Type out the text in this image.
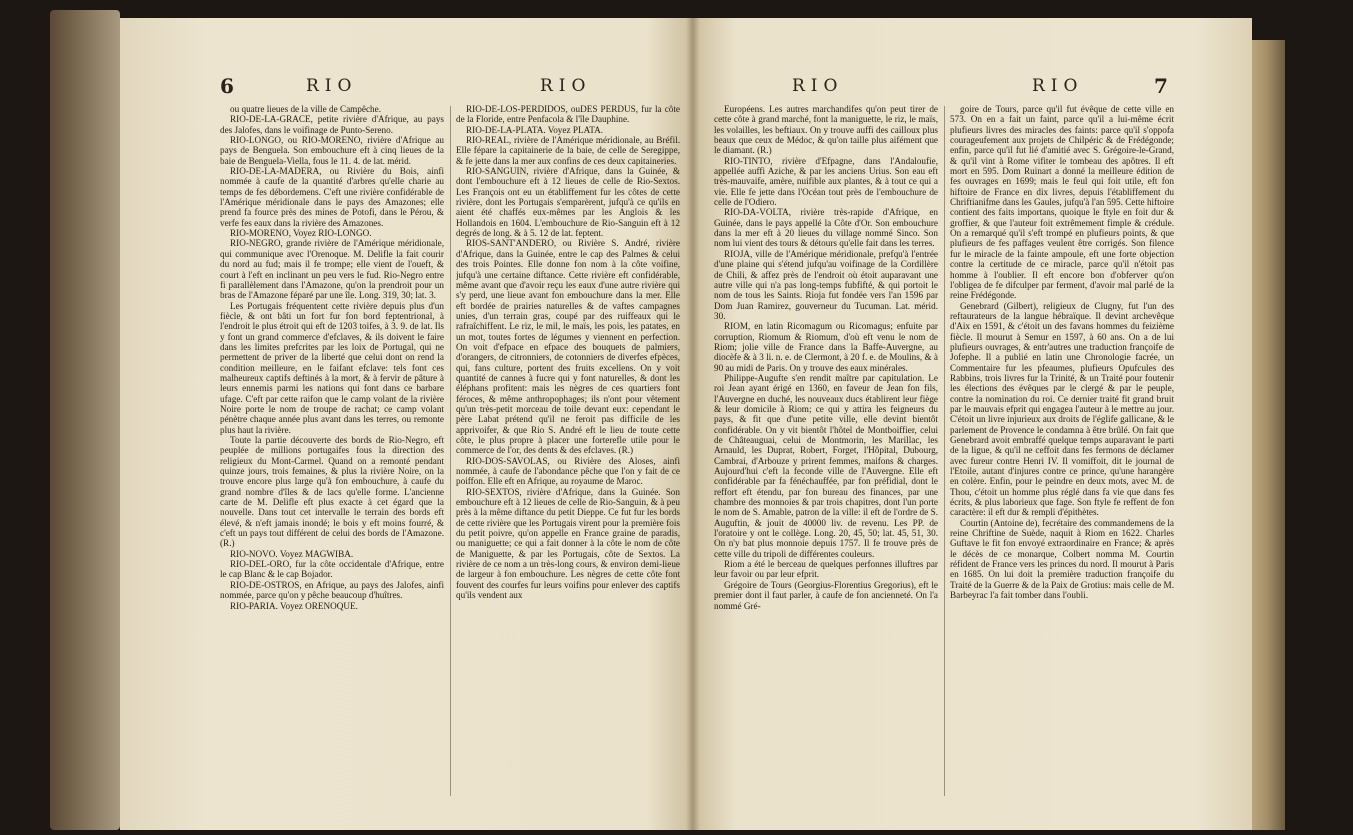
6	RIO	RIO

ou quatre lieues de la ville de Campêche.

RIO-DE-LA-GRACE, petite rivière d'Afrique, au pays des Jalofes, dans le voifinage de Punto-Sereno.

RIO-LONGO, ou RIO-MORENO, rivière d'Afrique au pays de Benguela. Son embouchure eft à cinq lieues de la baie de Benguela-Viella, fous le 11. 4. de lat. mérid.

RIO-DE-LA-MADERA, ou Rivière du Bois, ainfi nommée à caufe de la quantité d'arbres qu'elle charie au temps de fes débordemens. C'eft une rivière confidérable de l'Amérique méridionale dans le pays des Amazones; elle prend fa fource près des mines de Potofi, dans le Pérou, & verfe fes eaux dans la rivière des Amazones.

RIO-MORENO, Voyez RIO-LONGO.

RIO-NEGRO, grande rivière de l'Amérique méridionale, qui communique avec l'Orenoque. M. Delifle la fait courir du nord au fud; mais il fe trompe; elle vient de l'oueft, & court à l'eft en inclinant un peu vers le fud. Rio-Negro entre fi parallèlement dans l'Amazone, qu'on la prendroit pour un bras de l'Amazone féparé par une île. Long. 319, 30; lat. 3.

Les Portugais fréquentent cette rivière depuis plus d'un fiècle, & ont bâti un fort fur fon bord feptentrional, à l'endroit le plus étroit qui eft de 1203 toifes, à 3. 9. de lat. Ils y font un grand commerce d'efclaves, & ils doivent le faire dans les limites prefcrites par les loix de Portugal, qui ne permettent de priver de la liberté que celui dont on rend la condition meilleure, en le faifant efclave: tels font ces malheureux captifs deftinés à la mort, & à fervir de pâture à leurs ennemis parmi les nations qui font dans ce barbare ufage. C'eft par cette raifon que le camp volant de la rivière Noire porte le nom de troupe de rachat; ce camp volant pénètre chaque année plus avant dans les terres, ou remonte plus haut la rivière.

Toute la partie découverte des bords de Rio-Negro, eft peuplée de millions portugaifes fous la direction des religieux du Mont-Carmel. Quand on a remonté pendant quinze jours, trois femaines, & plus la rivière Noire, on la trouve encore plus large qu'à fon embouchure, à caufe du grand nombre d'îles & de lacs qu'elle forme. L'ancienne carte de M. Delifle eft plus exacte à cet égard que la nouvelle. Dans tout cet intervalle le terrain des bords eft élevé, & n'eft jamais inondé; le bois y eft moins fourré, & c'eft un pays tout différent de celui des bords de l'Amazone. (R.)

RIO-NOVO. Voyez MAGWIBA.

RIO-DEL-ORO, fur la côte occidentale d'Afrique, entre le cap Blanc & le cap Bojador.

RIO-DE-OSTROS, en Afrique, au pays des Jalofes, ainfi nommée, parce qu'on y pêche beaucoup d'huîtres.

RIO-PARIA. Voyez ORENOQUE.

RIO-DE-LOS-PERDIDOS, ouDES PERDUS, fur la côte de la Floride, entre Penfacola & l'île Dauphine.

RIO-DE-LA-PLATA. Voyez PLATA.

RIO-REAL, rivière de l'Amérique méridionale, au Bréfil. Elle fépare la capitainerie de la baie, de celle de Seregippe, & fe jette dans la mer aux confins de ces deux capitaineries.

RIO-SANGUIN, rivière d'Afrique, dans la Guinée, & dont l'embouchure eft à 12 lieues de celle de Rio-Sextos. Les François ont eu un établiffement fur les côtes de cette rivière, dont les Portugais s'emparèrent, jufqu'à ce qu'ils en aient été chaffés eux-mêmes par les Anglois & les Hollandois en 1604. L'embouchure de Rio-Sanguin eft à 12 degrés de long. & à 5. 12 de lat. feptent.

RIOS-SANT'ANDERO, ou Rivière S. André, rivière d'Afrique, dans la Guinée, entre le cap des Palmes & celui des trois Pointes. Elle donne fon nom à la côte voifine, jufqu'à une certaine diftance. Cette rivière eft confidérable, même avant que d'avoir reçu les eaux d'une autre rivière qui s'y perd, une lieue avant fon embouchure dans la mer. Elle eft bordée de prairies naturelles & de vaftes campagnes unies, d'un terrain gras, coupé par des ruiffeaux qui le rafraîchiffent. Le riz, le mil, le maïs, les pois, les patates, en un mot, toutes fortes de légumes y viennent en perfection. On voit d'efpace en efpace des bouquets de palmiers, d'orangers, de citronniers, de cotonniers de diverfes efpèces, qui, fans culture, portent des fruits excellens. On y voit quantité de cannes à fucre qui y font naturelles, & dont les éléphans profitent: mais les nègres de ces quartiers font féroces, & même anthropophages; ils n'ont pour vêtement qu'un très-petit morceau de toile devant eux: cependant le père Labat prétend qu'il ne feroit pas difficile de les apprivoifer, & que Rio S. André eft le lieu de toute cette côte, le plus propre à placer une forterefle utile pour le commerce de l'or, des dents & des efclaves. (R.)

RIO-DOS-SAVOLAS, ou Rivière des Aloses, ainfi nommée, à caufe de l'abondance pêche que l'on y fait de ce poiffon. Elle eft en Afrique, au royaume de Maroc.

RIO-SEXTOS, rivière d'Afrique, dans la Guinée. Son embouchure eft à 12 lieues de celle de Rio-Sanguin, & à peu près à la même diftance du petit Dieppe. Ce fut fur les bords de cette rivière que les Portugais virent pour la première fois du petit poivre, qu'on appelle en France graine de paradis, ou maniguette; ce qui a fait donner à la côte le nom de côte de Maniguette, & par les Portugais, côte de Sextos. La rivière de ce nom a un très-long cours, & environ demi-lieue de largeur à fon embouchure. Les nègres de cette côte font fouvent des courfes fur leurs voifins pour enlever des captifs qu'ils vendent aux

RIO	RIO	7

Européens. Les autres marchandifes qu'on peut tirer de cette côte à grand marché, font la maniguette, le riz, le maïs, les volailles, les beftiaux. On y trouve auffi des cailloux plus beaux que ceux de Médoc, & qu'on taille plus aifément que le diamant. (R.)

RIO-TINTO, rivière d'Efpagne, dans l'Andaloufie, appellée auffi Aziche, & par les anciens Urius. Son eau eft très-mauvaife, amère, nuifible aux plantes, & à tout ce qui a vie. Elle fe jette dans l'Océan tout près de l'embouchure de celle de l'Odiero.

RIO-DA-VOLTA, rivière très-rapide d'Afrique, en Guinée, dans le pays appellé la Côte d'Or. Son embouchure dans la mer eft à 20 lieues du village nommé Sinco. Son nom lui vient des tours & détours qu'elle fait dans les terres.

RIOJA, ville de l'Amérique méridionale, prefqu'à l'entrée d'une plaine qui s'étend jufqu'au voifinage de la Cordillère de Chili, & affez près de l'endroit où étoit auparavant une autre ville qui n'a pas long-temps fubfifté, & qui portoit le nom de tous les Saints. Rioja fut fondée vers l'an 1596 par Dom Juan Ramirez, gouverneur du Tucuman. Lat. mérid. 30.

RIOM, en latin Ricomagum ou Ricomagus; enfuite par corruption, Riomum & Riomum, d'où eft venu le nom de Riom; jolie ville de France dans la Baffe-Auvergne, au diocèfe & à 3 li. n. e. de Clermont, à 20 f. e. de Moulins, & à 90 au midi de Paris. On y trouve des eaux minérales.

Philippe-Augufte s'en rendit maître par capitulation. Le roi Jean ayant érigé en 1360, en faveur de Jean fon fils, l'Auvergne en duché, les nouveaux ducs établirent leur fiège & leur domicile à Riom; ce qui y attira les feigneurs du pays, & fit que d'une petite ville, elle devint bientôt confidérable. On y vit bientôt l'hôtel de Montboiffier, celui de Châteauguai, celui de Montmorin, les Marillac, les Arnauld, les Duprat, Robert, Forget, l'Hôpital, Dubourg, Cambrai, d'Arbouze y prirent femmes, maifons & charges. Aujourd'hui c'eft la feconde ville de l'Auvergne. Elle eft confidérable par fa fénéchauffée, par fon préfidial, dont le reffort eft étendu, par fon bureau des finances, par une chambre des monnoies & par trois chapitres, dont l'un porte le nom de S. Amable, patron de la ville: il eft de l'ordre de S. Auguftin, & jouit de 40000 liv. de revenu. Les PP. de l'oratoire y ont le collège. Long. 20, 45, 50; lat. 45, 51, 30. On n'y bat plus monnoie depuis 1757. Il fe trouve près de cette ville du tripoli de différentes couleurs.

Riom a été le berceau de quelques perfonnes illuftres par leur favoir ou par leur efprit.

Grégoire de Tours (Georgius-Florentius Gregorius), eft le premier dont il faut parler, à caufe de fon ancienneté. On l'a nommé Gré-

goire de Tours, parce qu'il fut évêque de cette ville en 573. On en a fait un faint, parce qu'il a lui-même écrit plufieurs livres des miracles des faints: parce qu'il s'oppofa courageufement aux projets de Chilpéric & de Frédégonde; enfin, parce qu'il fut lié d'amitié avec S. Grégoire-le-Grand, & qu'il vint à Rome vifiter le tombeau des apôtres. Il eft mort en 595. Dom Ruinart a donné la meilleure édition de fes ouvrages en 1699; mais le feul qui foit utile, eft fon hiftoire de France en dix livres, depuis l'établiffement du Chriftianifme dans les Gaules, jufqu'à l'an 595. Cette hiftoire contient des faits importans, quoique le ftyle en foit dur & groffier, & que l'auteur foit extrêmement fimple & crédule. On a remarqué qu'il s'eft trompé en plufieurs points, & que plufieurs de fes paffages veulent être corrigés. Son filence fur le miracle de la fainte ampoule, eft une forte objection contre la certitude de ce miracle, parce qu'il n'étoit pas homme à l'oublier. Il eft encore bon d'obferver qu'on l'obligea de fe difculper par ferment, d'avoir mal parlé de la reine Frédégonde.

Genebrard (Gilbert), religieux de Clugny, fut l'un des reftaurateurs de la langue hébraïque. Il devint archevêque d'Aix en 1591, & c'étoit un des favans hommes du feizième fiècle. Il mourut à Semur en 1597, à 60 ans. On a de lui plufieurs ouvrages, & entr'autres une traduction françoife de Jofephe. Il a publié en latin une Chronologie facrée, un Commentaire fur les pfeaumes, plufieurs Opufcules des Rabbins, trois livres fur la Trinité, & un Traité pour foutenir les élections des évêques par le clergé & par le peuple, contre la nomination du roi. Ce dernier traité fit grand bruit par le mauvais efprit qui engagea l'auteur à le mettre au jour. C'étoit un livre injurieux aux droits de l'églife gallicane, & le parlement de Provence le condamna à être brûlé. On fait que Genebrard avoit embraffé quelque temps auparavant le parti de la ligue, & qu'il ne ceffoit dans fes fermons de déclamer avec fureur contre Henri IV. Il vomiffoit, dit le journal de l'Etoile, autant d'injures contre ce prince, qu'une harangère en colère. Enfin, pour le peindre en deux mots, avec M. de Thou, c'étoit un homme plus réglé dans fa vie que dans fes écrits, & plus laborieux que fage. Son ftyle fe reffent de fon caractère: il eft dur & rempli d'épithètes.

Courtin (Antoine de), fecrétaire des commandemens de la reine Chriftine de Suède, naquit à Riom en 1622. Charles Guftave le fit fon envoyé extraordinaire en France; & après le décès de ce monarque, Colbert nomma M. Courtin réfident de France vers les princes du nord. Il mourut à Paris en 1685. On lui doit la première traduction françoife du Traité de la Guerre & de la Paix de Grotius: mais celle de M. Barbeyrac l'a fait tomber dans l'oubli.
